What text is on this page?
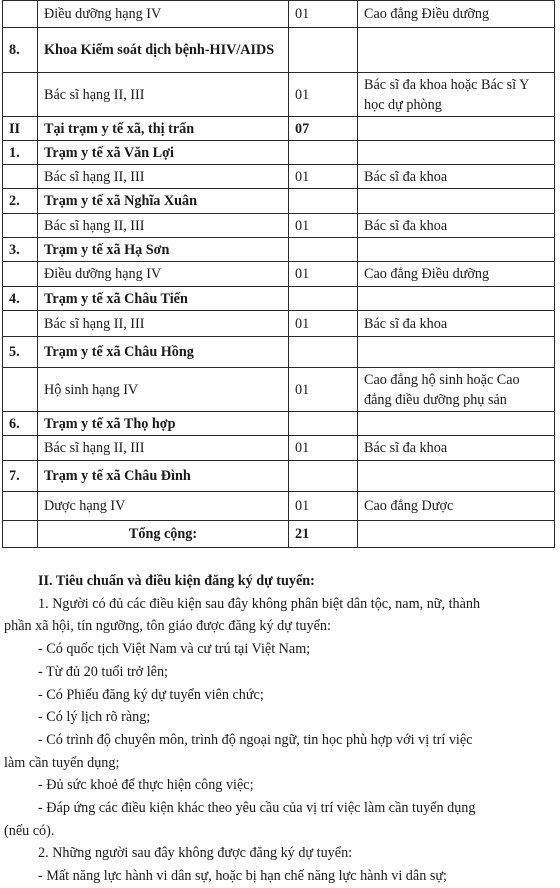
	Điều dưỡng hạng IV	01	Cao đẳng Điều dưỡng
8.	Khoa Kiểm soát dịch bệnh-HIV/AIDS		
	Bác sĩ hạng II, III	01	Bác sĩ đa khoa hoặc Bác sĩ Y học dự phòng
II	Tại trạm y tế xã, thị trấn	07	
1.	Trạm y tế xã Văn Lợi		
	Bác sĩ hạng II, III	01	Bác sĩ đa khoa
2.	Trạm y tế xã Nghĩa Xuân		
	Bác sĩ hạng II, III	01	Bác sĩ đa khoa
3.	Trạm y tế xã Hạ Sơn		
	Điều dưỡng hạng IV	01	Cao đẳng Điều dưỡng
4.	Trạm y tế xã Châu Tiến		
	Bác sĩ hạng II, III	01	Bác sĩ đa khoa
5.	Trạm y tế xã Châu Hồng		
	Hộ sinh hạng IV	01	Cao đẳng hộ sinh hoặc Cao đẳng điều dưỡng phụ sản
6.	Trạm y tế xã Thọ hợp		
	Bác sĩ hạng II, III	01	Bác sĩ đa khoa
7.	Trạm y tế xã Châu Đình		
	Dược hạng IV	01	Cao đẳng Dược
	Tổng cộng:	21	

II. Tiêu chuẩn và điều kiện đăng ký dự tuyển:

1. Người có đủ các điều kiện sau đây không phân biệt dân tộc, nam, nữ, thành

phần xã hội, tín ngưỡng, tôn giáo được đăng ký dự tuyển:

- Có quốc tịch Việt Nam và cư trú tại Việt Nam;

- Từ đủ 20 tuổi trở lên;

- Có Phiếu đăng ký dự tuyển viên chức;

- Có lý lịch rõ ràng;

- Có trình độ chuyên môn, trình độ ngoại ngữ, tin học phù hợp với vị trí việc

làm cần tuyển dụng;

- Đủ sức khoẻ để thực hiện công việc;

- Đáp ứng các điều kiện khác theo yêu cầu của vị trí việc làm cần tuyển dụng

(nếu có).

2. Những người sau đây không được đăng ký dự tuyển:

- Mất năng lực hành vi dân sự, hoặc bị hạn chế năng lực hành vi dân sự;
